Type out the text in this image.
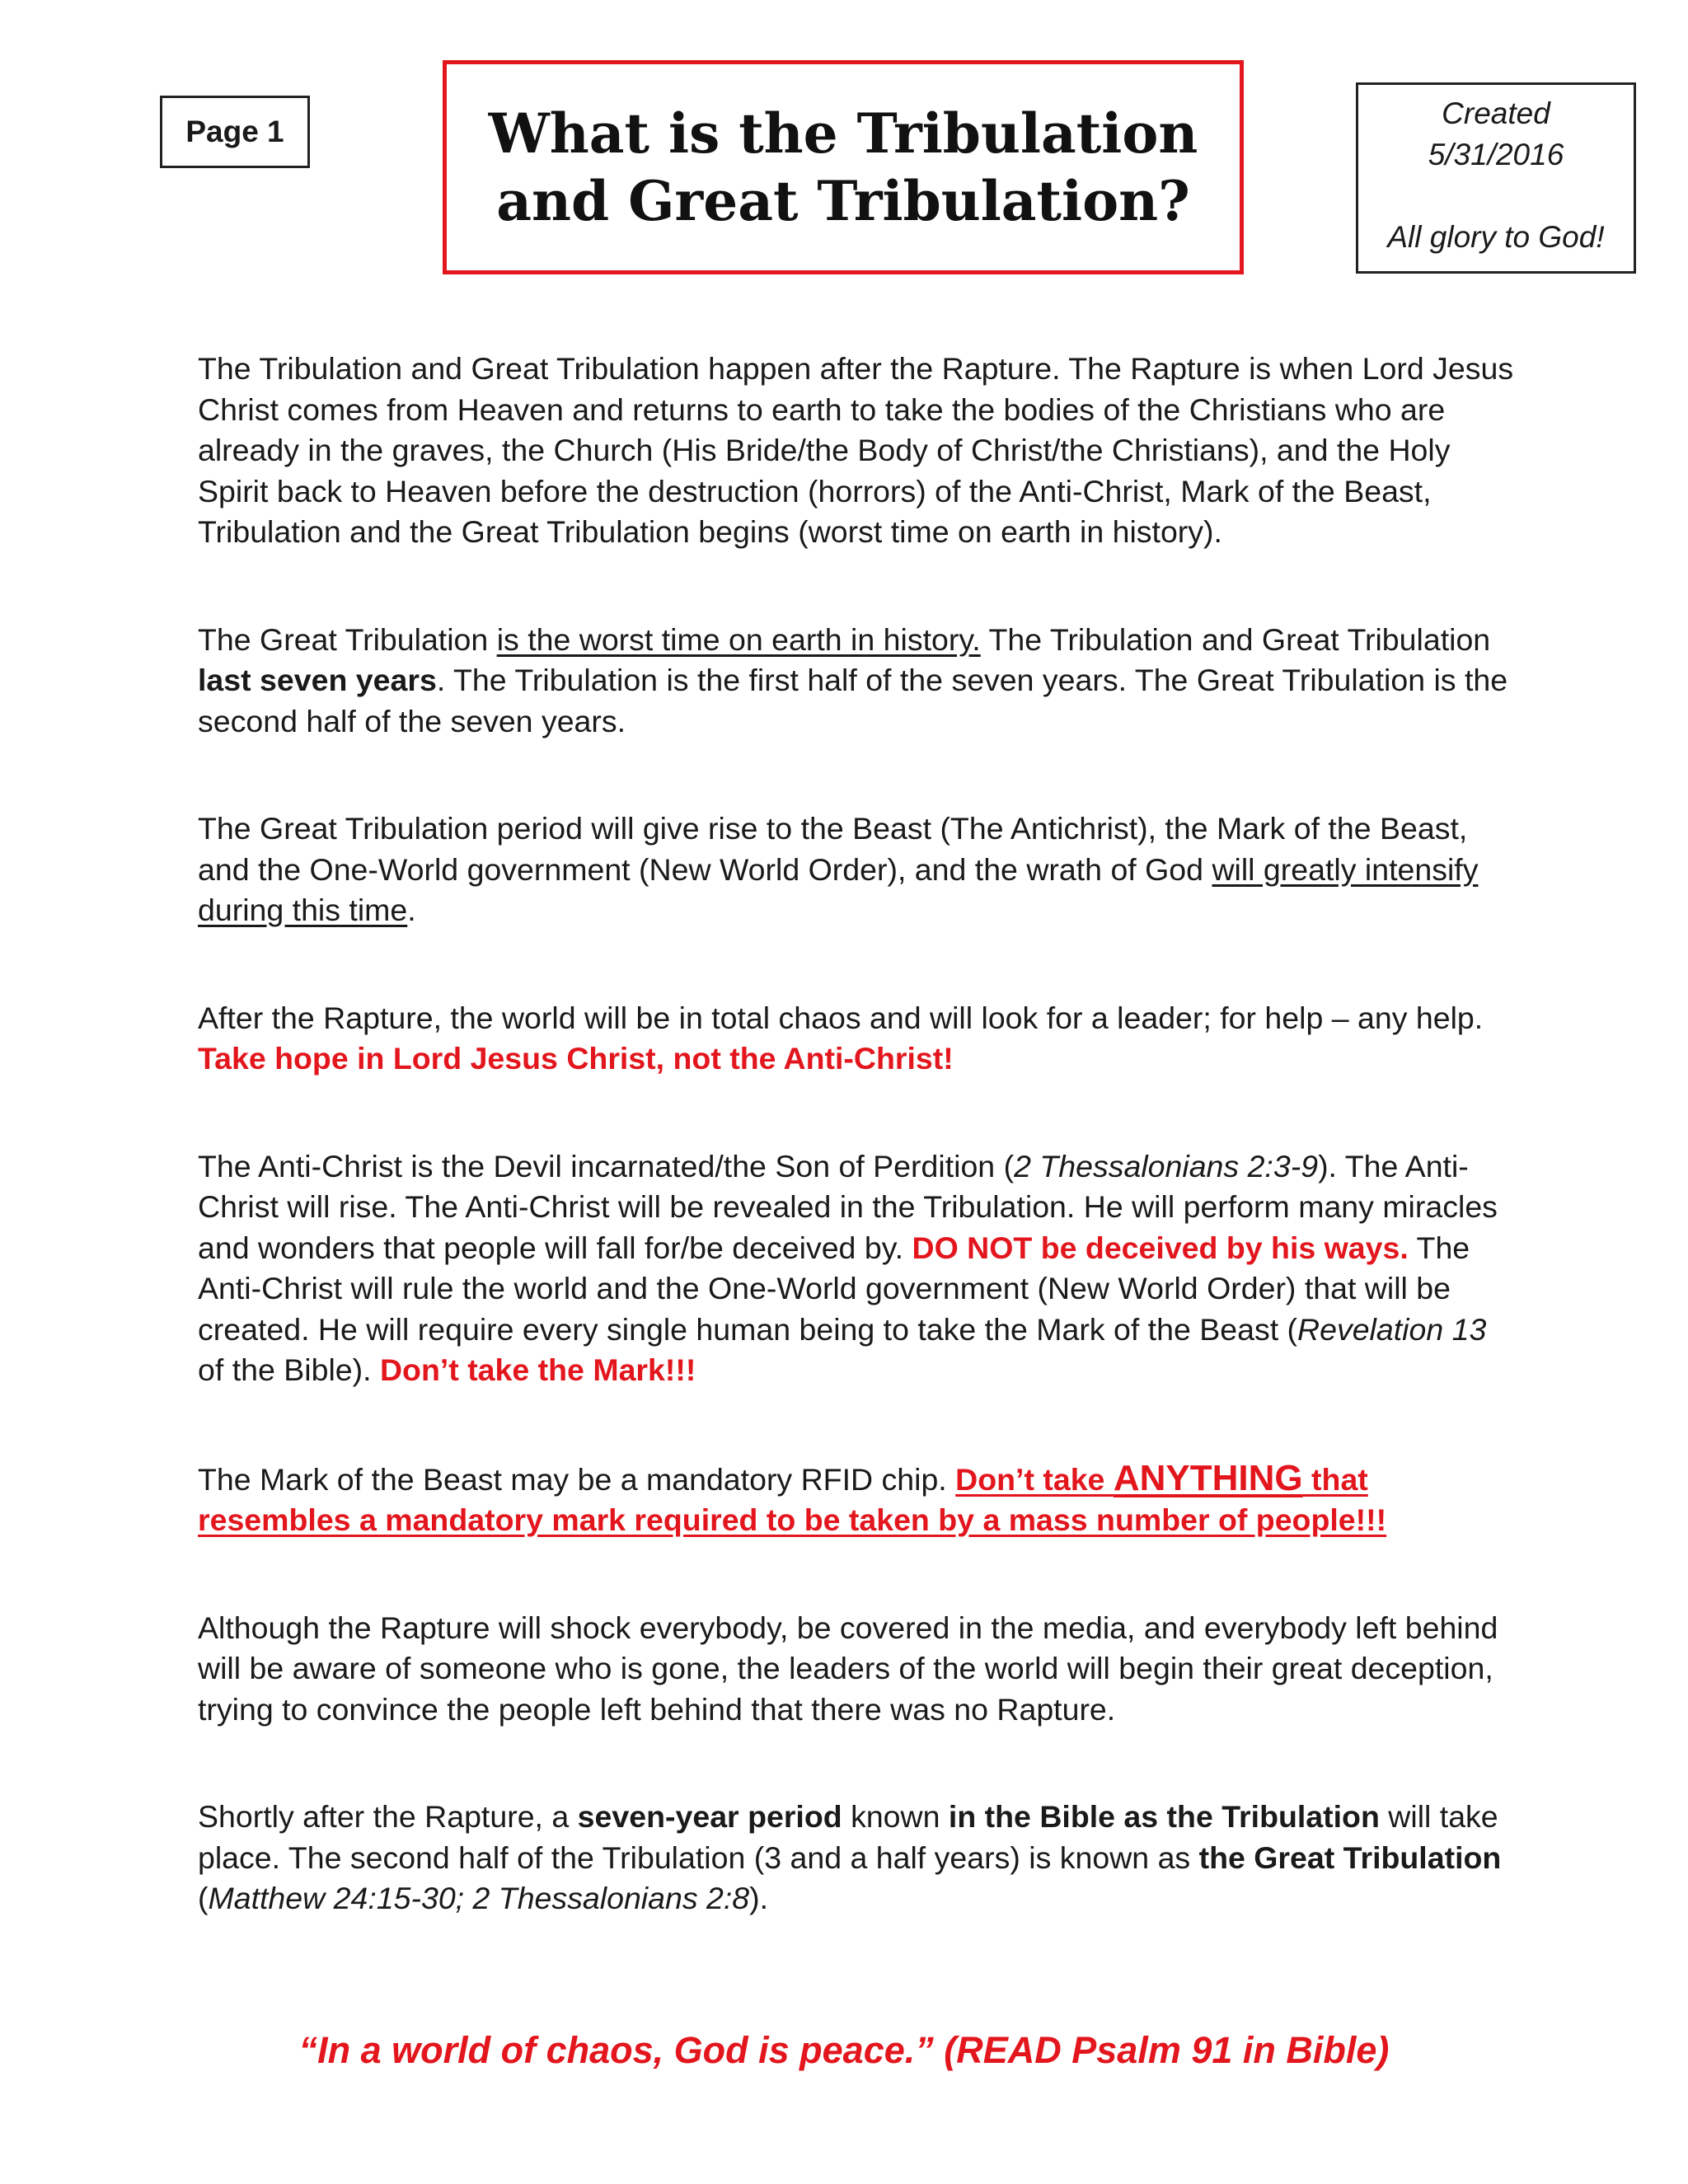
Page 1	What is the Tribulation
and Great Tribulation?
Created
5/31/2016
All glory to God!

The Tribulation and Great Tribulation happen after the Rapture. The Rapture is when Lord Jesus Christ comes from Heaven and returns to earth to take the bodies of the Christians who are already in the graves, the Church (His Bride/the Body of Christ/the Christians), and the Holy Spirit back to Heaven before the destruction (horrors) of the Anti-Christ, Mark of the Beast, Tribulation and the Great Tribulation begins (worst time on earth in history).

The Great Tribulation is the worst time on earth in history. The Tribulation and Great Tribulation last seven years. The Tribulation is the first half of the seven years. The Great Tribulation is the second half of the seven years.

The Great Tribulation period will give rise to the Beast (The Antichrist), the Mark of the Beast, and the One-World government (New World Order), and the wrath of God will greatly intensify during this time.

After the Rapture, the world will be in total chaos and will look for a leader; for help – any help. Take hope in Lord Jesus Christ, not the Anti-Christ!

The Anti-Christ is the Devil incarnated/the Son of Perdition (2 Thessalonians 2:3-9). The Anti-Christ will rise. The Anti-Christ will be revealed in the Tribulation. He will perform many miracles and wonders that people will fall for/be deceived by. DO NOT be deceived by his ways. The Anti-Christ will rule the world and the One-World government (New World Order) that will be created. He will require every single human being to take the Mark of the Beast (Revelation 13 of the Bible). Don’t take the Mark!!!

The Mark of the Beast may be a mandatory RFID chip. Don’t take ANYTHING that resembles a mandatory mark required to be taken by a mass number of people!!!

Although the Rapture will shock everybody, be covered in the media, and everybody left behind will be aware of someone who is gone, the leaders of the world will begin their great deception, trying to convince the people left behind that there was no Rapture.

Shortly after the Rapture, a seven-year period known in the Bible as the Tribulation will take place. The second half of the Tribulation (3 and a half years) is known as the Great Tribulation (Matthew 24:15-30; 2 Thessalonians 2:8).

“In a world of chaos, God is peace.” (READ Psalm 91 in Bible)
